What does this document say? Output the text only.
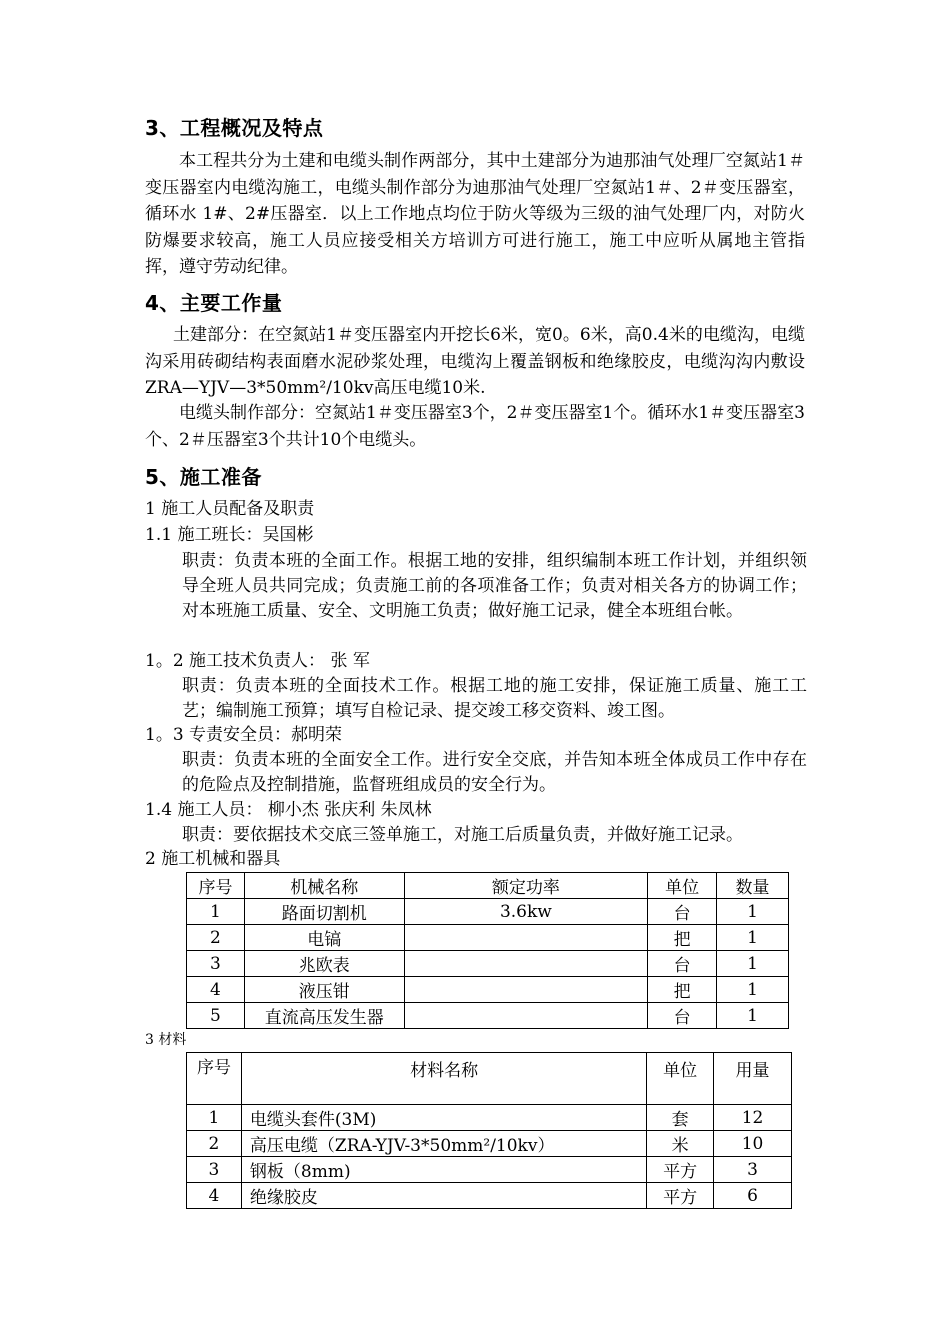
3、工程概况及特点

本工程共分为土建和电缆头制作两部分，其中土建部分为迪那油气处理厂空氮站1＃变压器室内电缆沟施工，电缆头制作部分为迪那油气处理厂空氮站1＃、2＃变压器室，循环水 1#、2#压器室．以上工作地点均位于防火等级为三级的油气处理厂内，对防火防爆要求较高，施工人员应接受相关方培训方可进行施工，施工中应听从属地主管指挥，遵守劳动纪律。

4、主要工作量

土建部分：在空氮站1＃变压器室内开挖长6米，宽0。6米，高0.4米的电缆沟，电缆沟采用砖砌结构表面磨水泥砂浆处理，电缆沟上覆盖钢板和绝缘胶皮，电缆沟沟内敷设ZRA—YJV—3*50mm²/10kv高压电缆10米.

电缆头制作部分：空氮站1＃变压器室3个，2＃变压器室1个。循环水1＃变压器室3个、2＃压器室3个共计10个电缆头。

5、施工准备

1 施工人员配备及职责

1.1 施工班长：吴国彬

职责：负责本班的全面工作。根据工地的安排，组织编制本班工作计划，并组织领导全班人员共同完成；负责施工前的各项准备工作；负责对相关各方的协调工作；对本班施工质量、安全、文明施工负责；做好施工记录，健全本班组台帐。

1。2 施工技术负责人： 张 军

职责：负责本班的全面技术工作。根据工地的施工安排，保证施工质量、施工工艺；编制施工预算；填写自检记录、提交竣工移交资料、竣工图。

1。3 专责安全员：郝明荣

职责：负责本班的全面安全工作。进行安全交底，并告知本班全体成员工作中存在的危险点及控制措施，监督班组成员的安全行为。

1.4 施工人员： 柳小杰 张庆利 朱凤林

职责：要依据技术交底三签单施工，对施工后质量负责，并做好施工记录。

2 施工机械和器具

序号	机械名称	额定功率	单位	数量
1	路面切割机	3.6kw	台	1
2	电镐		把	1
3	兆欧表		台	1
4	液压钳		把	1
5	直流高压发生器		台	1

3 材料

序号	材料名称	单位	用量
1	电缆头套件(3M)	套	12
2	高压电缆（ZRA-YJV-3*50mm²/10kv）	米	10
3	钢板（8mm)	平方	3
4	绝缘胶皮	平方	6
